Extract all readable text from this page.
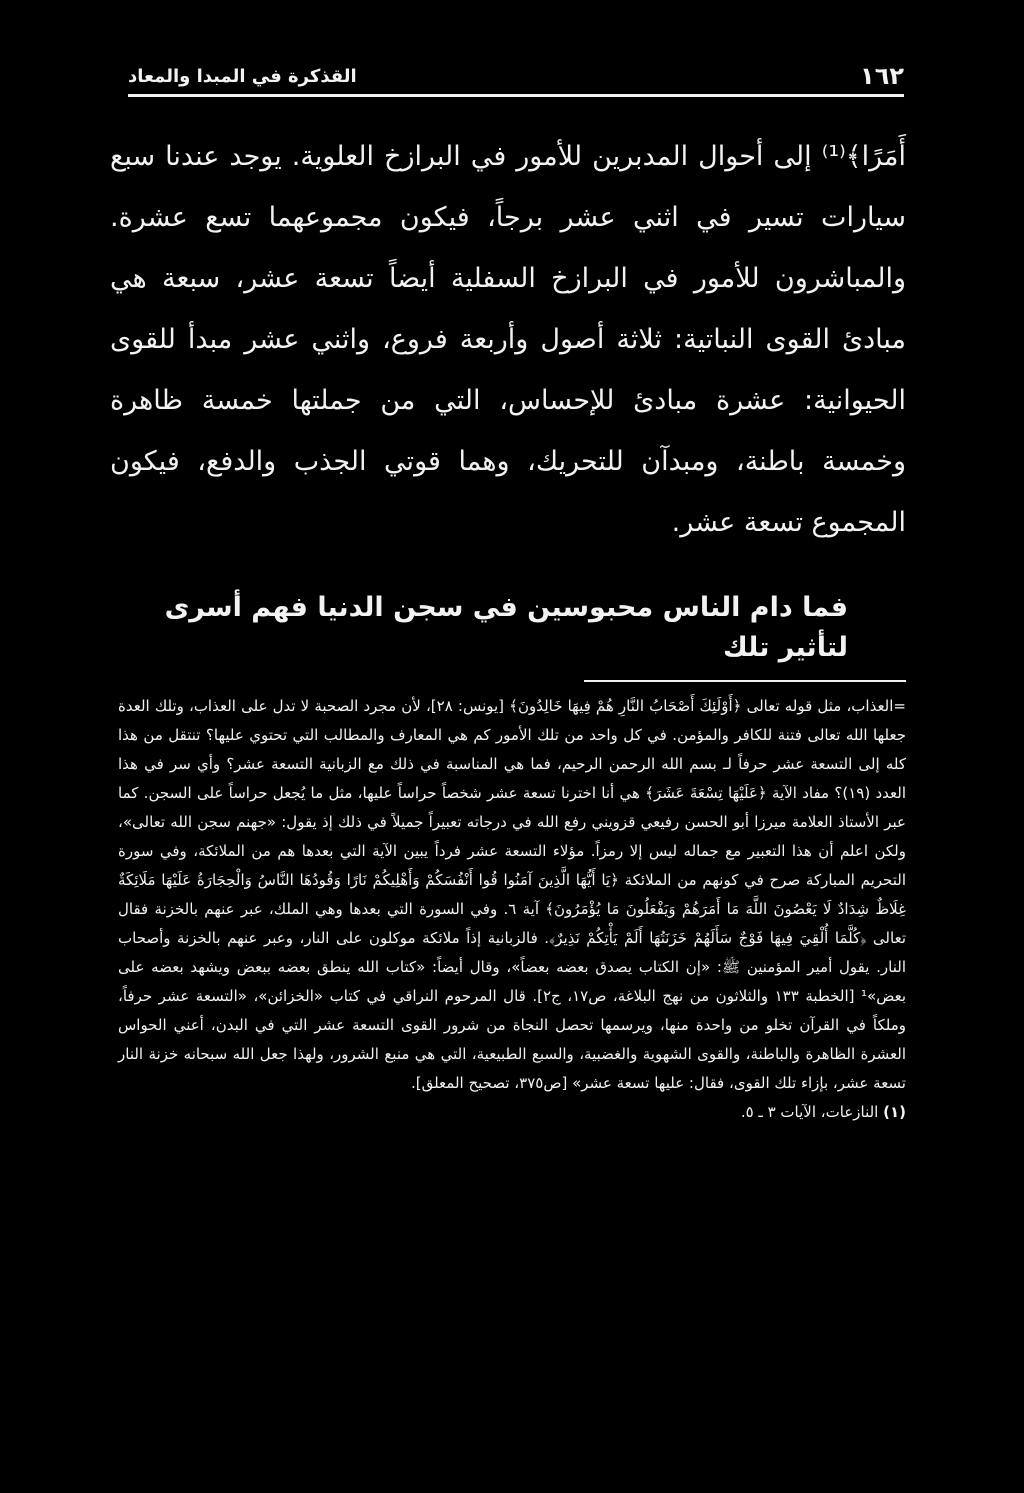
١٦٢
القذكرة في المبدا والمعاد

أَمَرًا﴾⁽¹⁾ إلى أحوال المدبرين للأمور في البرازخ العلوية. يوجد عندنا سبع سيارات تسير في اثني عشر برجاً، فيكون مجموعهما تسع عشرة. والمباشرون للأمور في البرازخ السفلية أيضاً تسعة عشر، سبعة هي مبادئ القوى النباتية: ثلاثة أصول وأربعة فروع، واثني عشر مبدأ للقوى الحيوانية: عشرة مبادئ للإحساس، التي من جملتها خمسة ظاهرة وخمسة باطنة، ومبدآن للتحريك، وهما قوتي الجذب والدفع، فيكون المجموع تسعة عشر.

فما دام الناس محبوسين في سجن الدنيا فهم أسرى لتأثير تلك

=العذاب، مثل قوله تعالى ﴿أَوْلَئِكَ أَصْحَابُ النَّارِ هُمْ فِيهَا خَالِدُونَ﴾ [يونس: ٢٨]، لأن مجرد الصحبة لا تدل على العذاب، وتلك العدة جعلها الله تعالى فتنة للكافر والمؤمن. في كل واحد من تلك الأمور كم هي المعارف والمطالب التي تحتوي عليها؟ تنتقل من هذا كله إلى التسعة عشر حرفاً لـ بسم الله الرحمن الرحيم، فما هي المناسبة في ذلك مع الزبانية التسعة عشر؟ وأي سر في هذا العدد (١٩)؟ مفاد الآية ﴿عَلَيْهَا تِسْعَةَ عَشَرَ﴾ هي أنا اخترنا تسعة عشر شخصاً حراساً عليها، مثل ما يُجعل حراساً على السجن. كما عبر الأستاذ العلامة ميرزا أبو الحسن رفيعي قزويني رفع الله في درجاته تعبيراً جميلاً في ذلك إذ يقول: «جهنم سجن الله تعالى»، ولكن اعلم أن هذا التعبير مع جماله ليس إلا رمزاً. مؤلاء التسعة عشر فرداً يبين الآية التي بعدها هم من الملائكة، وفي سورة التحريم المباركة صرح في كونهم من الملائكة ﴿يَا أَيُّهَا الَّذِينَ آمَنُوا قُوا أَنْفُسَكُمْ وَأَهْلِيكُمْ نَارًا وَقُودُهَا النَّاسُ وَالْحِجَارَةُ عَلَيْهَا مَلَائِكَةٌ غِلَاظٌ شِدَادٌ لَا يَعْصُونَ اللَّهَ مَا أَمَرَهُمْ وَيَفْعَلُونَ مَا يُؤْمَرُونَ﴾ آية ٦. وفي السورة التي بعدها وهي الملك، عبر عنهم بالخزنة فقال تعالى ﴿كُلَّمَا أُلْقِيَ فِيهَا فَوْجٌ سَأَلَهُمْ خَزَنَتُهَا أَلَمْ يَأْتِكُمْ نَذِيرٌ﴾. فالزبانية إذاً ملائكة موكلون على النار، وعبر عنهم بالخزنة وأصحاب النار. يقول أمير المؤمنين ﷺ: «إن الكتاب يصدق بعضه بعضاً»، وقال أيضاً: «كتاب الله ينطق بعضه ببعض ويشهد بعضه على بعض»¹ [الخطبة ١٣٣ والثلاثون من نهج البلاغة، ص١٧، ج٢]. قال المرحوم النراقي في كتاب «الخزائن»، «التسعة عشر حرفاً، وملكاً في القرآن تخلو من واحدة منها، ويرسمها تحصل النجاة من شرور القوى التسعة عشر التي في البدن، أعني الحواس العشرة الظاهرة والباطنة، والقوى الشهوية والغضبية، والسبع الطبيعية، التي هي منبع الشرور، ولهذا جعل الله سبحانه خزنة النار تسعة عشر، بإزاء تلك القوى، فقال: عليها تسعة عشر» [ص٣٧٥، تصحيح المعلق].

(١) النازعات، الآيات ٣ ـ ٥.
